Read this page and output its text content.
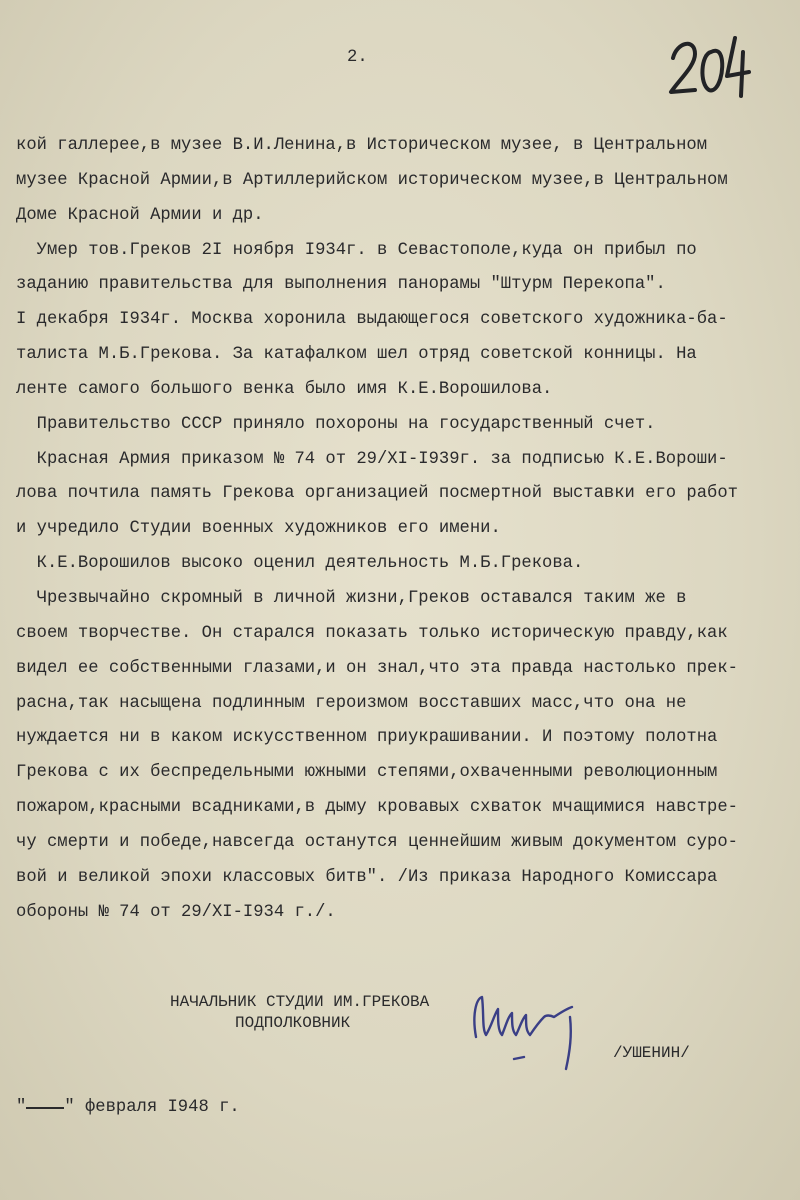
2.
кой галлерее,в музее В.И.Ленина,в Историческом музее, в Центральном
музее Красной Армии,в Артиллерийском историческом музее,в Центральном
Доме Красной Армии и др.
Умер тов.Греков 2I ноября I934г. в Севастополе,куда он прибыл по
заданию правительства для выполнения панорамы "Штурм Перекопа".
I декабря I934г. Москва хоронила выдающегося советского художника-ба-
талиста М.Б.Грекова. За катафалком шел отряд советской конницы. На
ленте самого большого венка было имя К.Е.Ворошилова.
Правительство СССР приняло похороны на государственный счет.
Красная Армия приказом № 74 от 29/XI-I939г. за подписью К.Е.Вороши-
лова почтила память Грекова организацией посмертной выставки его работ
и учредило Студии военных художников его имени.
К.Е.Ворошилов высоко оценил деятельность М.Б.Грекова.
Чрезвычайно скромный в личной жизни,Греков оставался таким же в
своем творчестве. Он старался показать только историческую правду,как
видел ее собственными глазами,и он знал,что эта правда настолько прек-
расна,так насыщена подлинным героизмом восставших масс,что она не
нуждается ни в каком искусственном приукрашивании. И поэтому полотна
Грекова с их беспредельными южными степями,охваченными революционным
пожаром,красными всадниками,в дыму кровавых схваток мчащимися навстре-
чу смерти и победе,навсегда останутся ценнейшим живым документом суро-
вой и великой эпохи классовых битв". /Из приказа Народного Комиссара
обороны № 74 от 29/XI-I934 г./.
НАЧАЛЬНИК СТУДИИ ИМ.ГРЕКОВА
ПОДПОЛКОВНИК
/УШЕНИН/
" " февраля I948 г.
